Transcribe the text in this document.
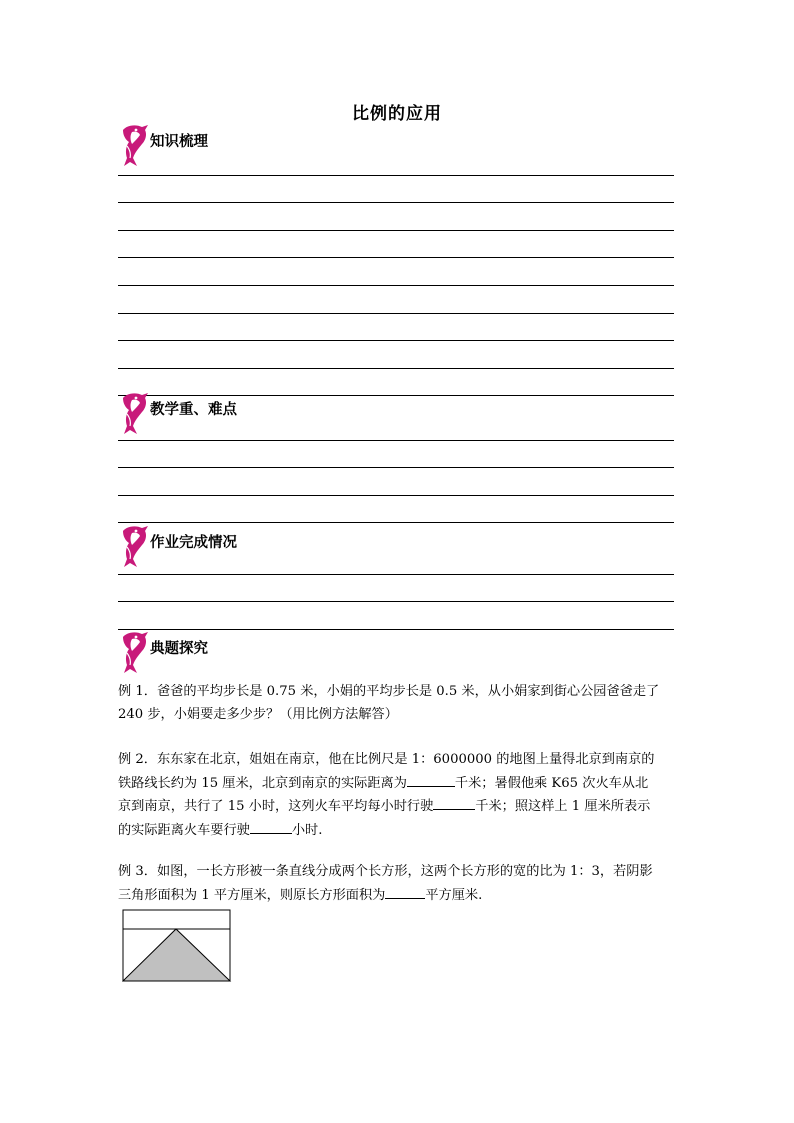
比例的应用
知识梳理
教学重、难点
作业完成情况
典题探究
例 1．爸爸的平均步长是 0.75 米，小娟的平均步长是 0.5 米，从小娟家到街心公园爸爸走了
240 步，小娟要走多少步？（用比例方法解答）
例 2．东东家在北京，姐姐在南京，他在比例尺是 1：6000000 的地图上量得北京到南京的
铁路线长约为 15 厘米，北京到南京的实际距离为	千米；暑假他乘 K65 次火车从北
京到南京，共行了 15 小时，这列火车平均每小时行驶	千米；照这样上 1 厘米所表示
的实际距离火车要行驶	小时.
例 3．如图，一长方形被一条直线分成两个长方形，这两个长方形的宽的比为 1：3，若阴影
三角形面积为 1 平方厘米，则原长方形面积为	平方厘米.
